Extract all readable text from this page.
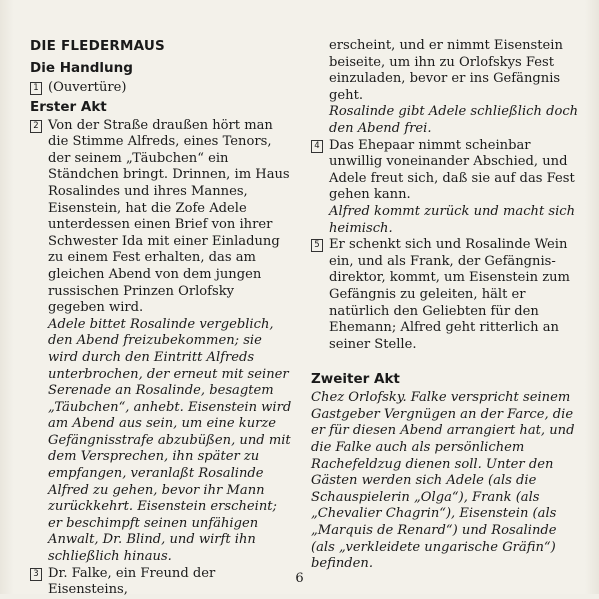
DIE FLEDERMAUS
Die Handlung
1 (Ouvertüre)
Erster Akt
2 Von der Straße draußen hört man die Stimme Alfreds, eines Tenors, der seinem „Täubchen“ ein Ständchen bringt. Drinnen, im Haus Rosalindes und ihres Mannes, Eisenstein, hat die Zofe Adele unterdessen einen Brief von ihrer Schwester Ida mit einer Einladung zu einem Fest erhalten, das am gleichen Abend von dem jungen russischen Prinzen Orlofsky gegeben wird.
Adele bittet Rosalinde vergeblich, den Abend freizubekommen; sie wird durch den Eintritt Alfreds unterbrochen, der erneut mit seiner Serenade an Rosalinde, besagtem „Täubchen“, anhebt. Eisenstein wird am Abend aus sein, um eine kurze Gefängnisstrafe abzubüßen, und mit dem Versprechen, ihn später zu empfangen, veranlaßt Rosalinde Alfred zu gehen, bevor ihr Mann zurückkehrt. Eisenstein erscheint; er beschimpft seinen unfähigen Anwalt, Dr. Blind, und wirft ihn schließlich hinaus.
3 Dr. Falke, ein Freund der Eisensteins,
erscheint, und er nimmt Eisenstein beiseite, um ihn zu Orlofskys Fest einzuladen, bevor er ins Gefängnis geht.
Rosalinde gibt Adele schließlich doch den Abend frei.
4 Das Ehepaar nimmt scheinbar unwillig voneinander Abschied, und Adele freut sich, daß sie auf das Fest gehen kann.
Alfred kommt zurück und macht sich heimisch.
5 Er schenkt sich und Rosalinde Wein ein, und als Frank, der Gefängnis-direktor, kommt, um Eisenstein zum Gefängnis zu geleiten, hält er natürlich den Geliebten für den Ehemann; Alfred geht ritterlich an seiner Stelle.
Zweiter Akt
Chez Orlofsky. Falke verspricht seinem Gastgeber Vergnügen an der Farce, die er für diesen Abend arrangiert hat, und die Falke auch als persönlichem Rachefeldzug dienen soll. Unter den Gästen werden sich Adele (als die Schauspielerin „Olga“), Frank (als „Chevalier Chagrin“), Eisenstein (als „Marquis de Renard“) und Rosalinde (als „verkleidete ungarische Gräfin“) befinden.
6
